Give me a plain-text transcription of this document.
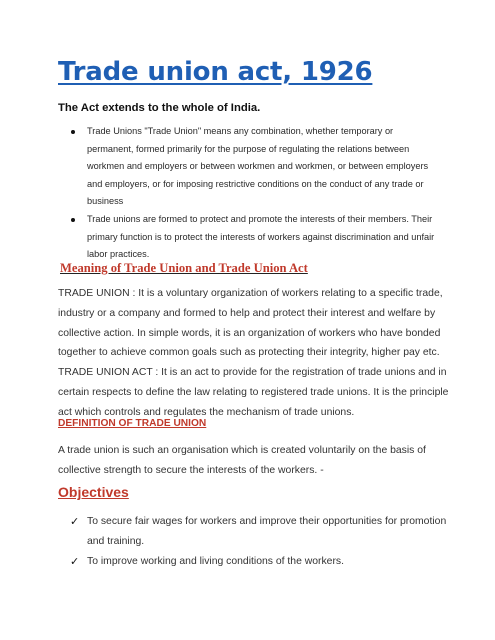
Trade union act, 1926

The Act extends to the whole of India.

Trade Unions "Trade Union" means any combination, whether temporary or
permanent, formed primarily for the purpose of regulating the relations between
workmen and employers or between workmen and workmen, or between employers
and employers, or for imposing restrictive conditions on the conduct of any trade or
business
Trade unions are formed to protect and promote the interests of their members. Their
primary function is to protect the interests of workers against discrimination and unfair
labor practices.
Meaning of Trade Union and Trade Union Act

TRADE UNION : It is a voluntary organization of workers relating to a specific trade,

industry or a company and formed to help and protect their interest and welfare by

collective action. In simple words, it is an organization of workers who have bonded

together to achieve common goals such as protecting their integrity, higher pay etc.

TRADE UNION ACT : It is an act to provide for the registration of trade unions and in

certain respects to define the law relating to registered trade unions. It is the principle

act which controls and regulates the mechanism of trade unions.

DEFINITION OF TRADE UNION

A trade union is such an organisation which is created voluntarily on the basis of

collective strength to secure the interests of the workers. -

Objectives
✓ To secure fair wages for workers and improve their opportunities for promotion
and training.
✓ To improve working and living conditions of the workers.
